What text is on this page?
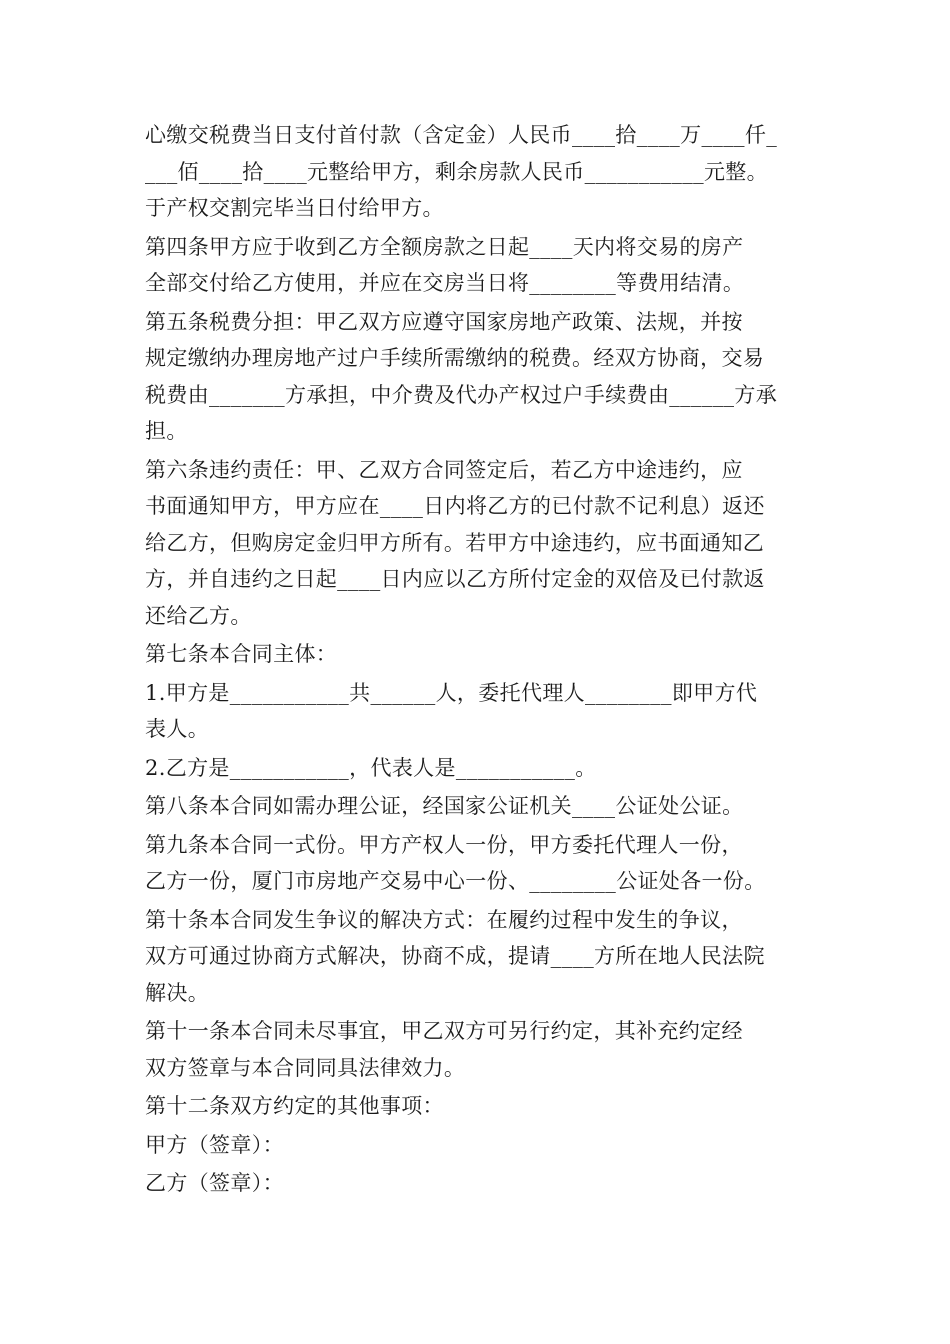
心缴交税费当日支付首付款（含定金）人民币____拾____万____仟_
___佰____拾____元整给甲方，剩余房款人民币___________元整。
于产权交割完毕当日付给甲方。
第四条甲方应于收到乙方全额房款之日起____天内将交易的房产
全部交付给乙方使用，并应在交房当日将________等费用结清。
第五条税费分担：甲乙双方应遵守国家房地产政策、法规，并按
规定缴纳办理房地产过户手续所需缴纳的税费。经双方协商，交易
税费由_______方承担，中介费及代办产权过户手续费由______方承
担。
第六条违约责任：甲、乙双方合同签定后，若乙方中途违约，应
书面通知甲方，甲方应在____日内将乙方的已付款不记利息）返还
给乙方，但购房定金归甲方所有。若甲方中途违约，应书面通知乙
方，并自违约之日起____日内应以乙方所付定金的双倍及已付款返
还给乙方。
第七条本合同主体：
1.甲方是___________共______人，委托代理人________即甲方代
表人。
2.乙方是___________，代表人是___________。
第八条本合同如需办理公证，经国家公证机关____公证处公证。
第九条本合同一式份。甲方产权人一份，甲方委托代理人一份，
乙方一份，厦门市房地产交易中心一份、________公证处各一份。
第十条本合同发生争议的解决方式：在履约过程中发生的争议，
双方可通过协商方式解决，协商不成，提请____方所在地人民法院
解决。
第十一条本合同未尽事宜，甲乙双方可另行约定，其补充约定经
双方签章与本合同同具法律效力。
第十二条双方约定的其他事项：
甲方（签章）：
乙方（签章）：
